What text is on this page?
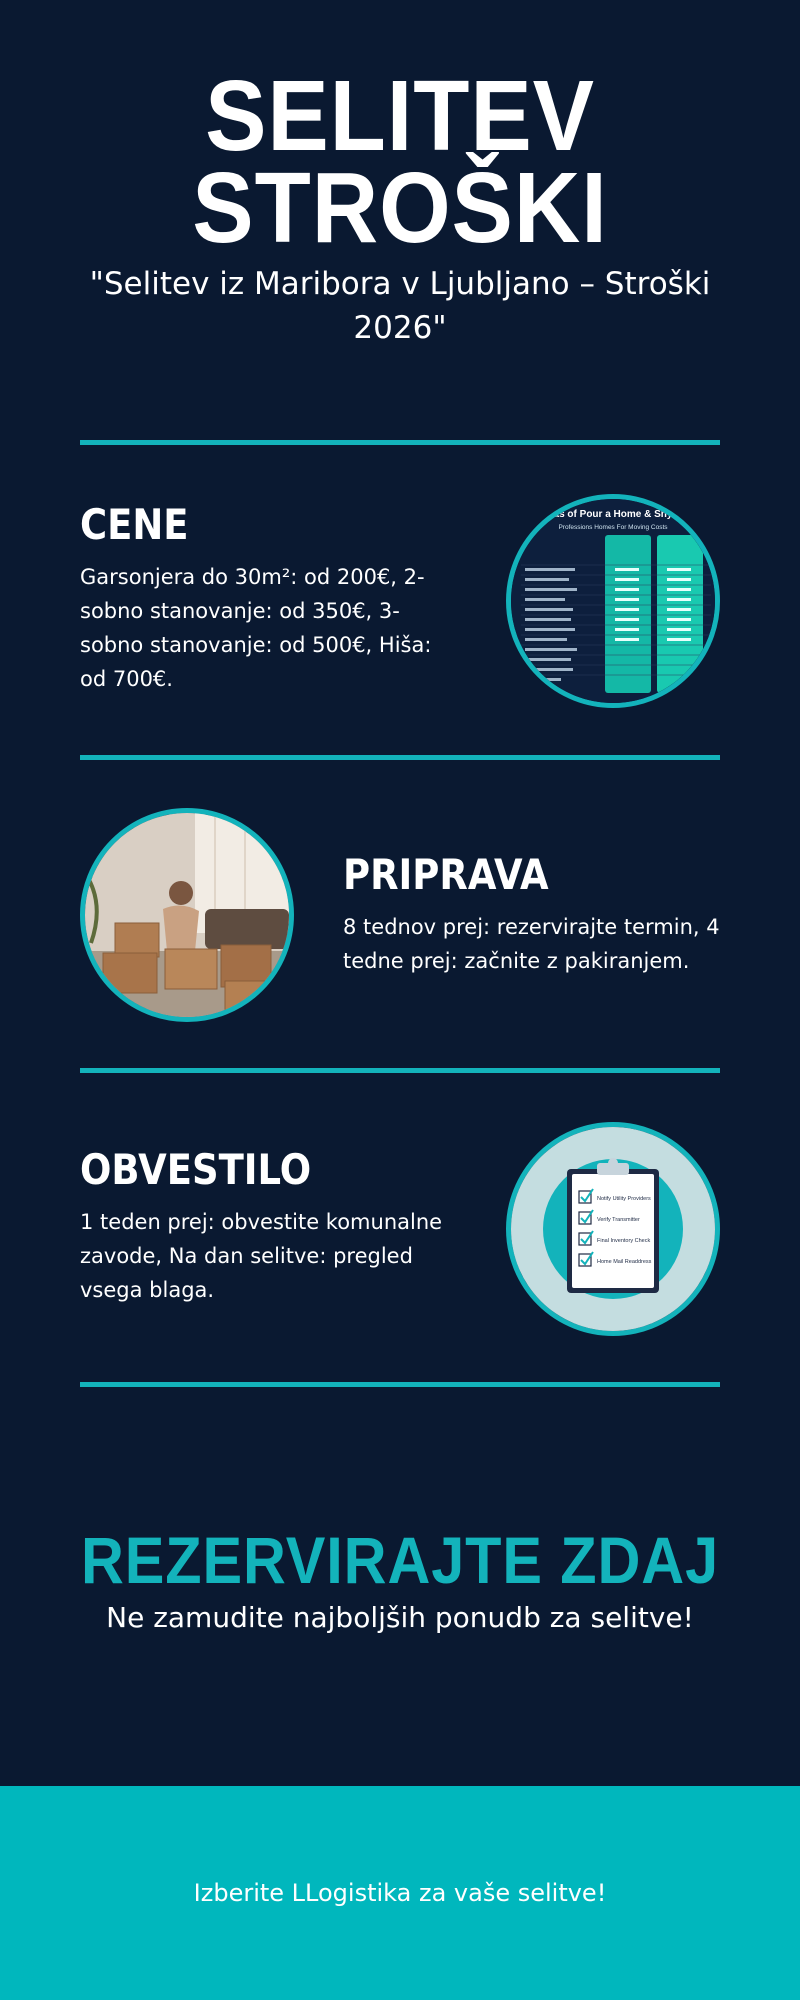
SELITEV
STROŠKI

"Selitev iz Maribora v Ljubljano – Stroški 2026"

CENE

Garsonjera do 30m²: od 200€, 2-sobno stanovanje: od 350€, 3-sobno stanovanje: od 500€, Hiša: od 700€.

…as of Pour a Home & Shy…
Professions Homes For Moving Costs
PRIPRAVA

8 tednov prej: rezervirajte termin, 4 tedne prej: začnite z pakiranjem.

OBVESTILO

1 teden prej: obvestite komunalne zavode, Na dan selitve: pregled vsega blaga.

Notify Utility Providers
Verify Transmitter
Final Inventory Check
Home Mail Readdress
REZERVIRAJTE ZDAJ

Ne zamudite najboljših ponudb za selitve!

Izberite LLogistika za vaše selitve!
